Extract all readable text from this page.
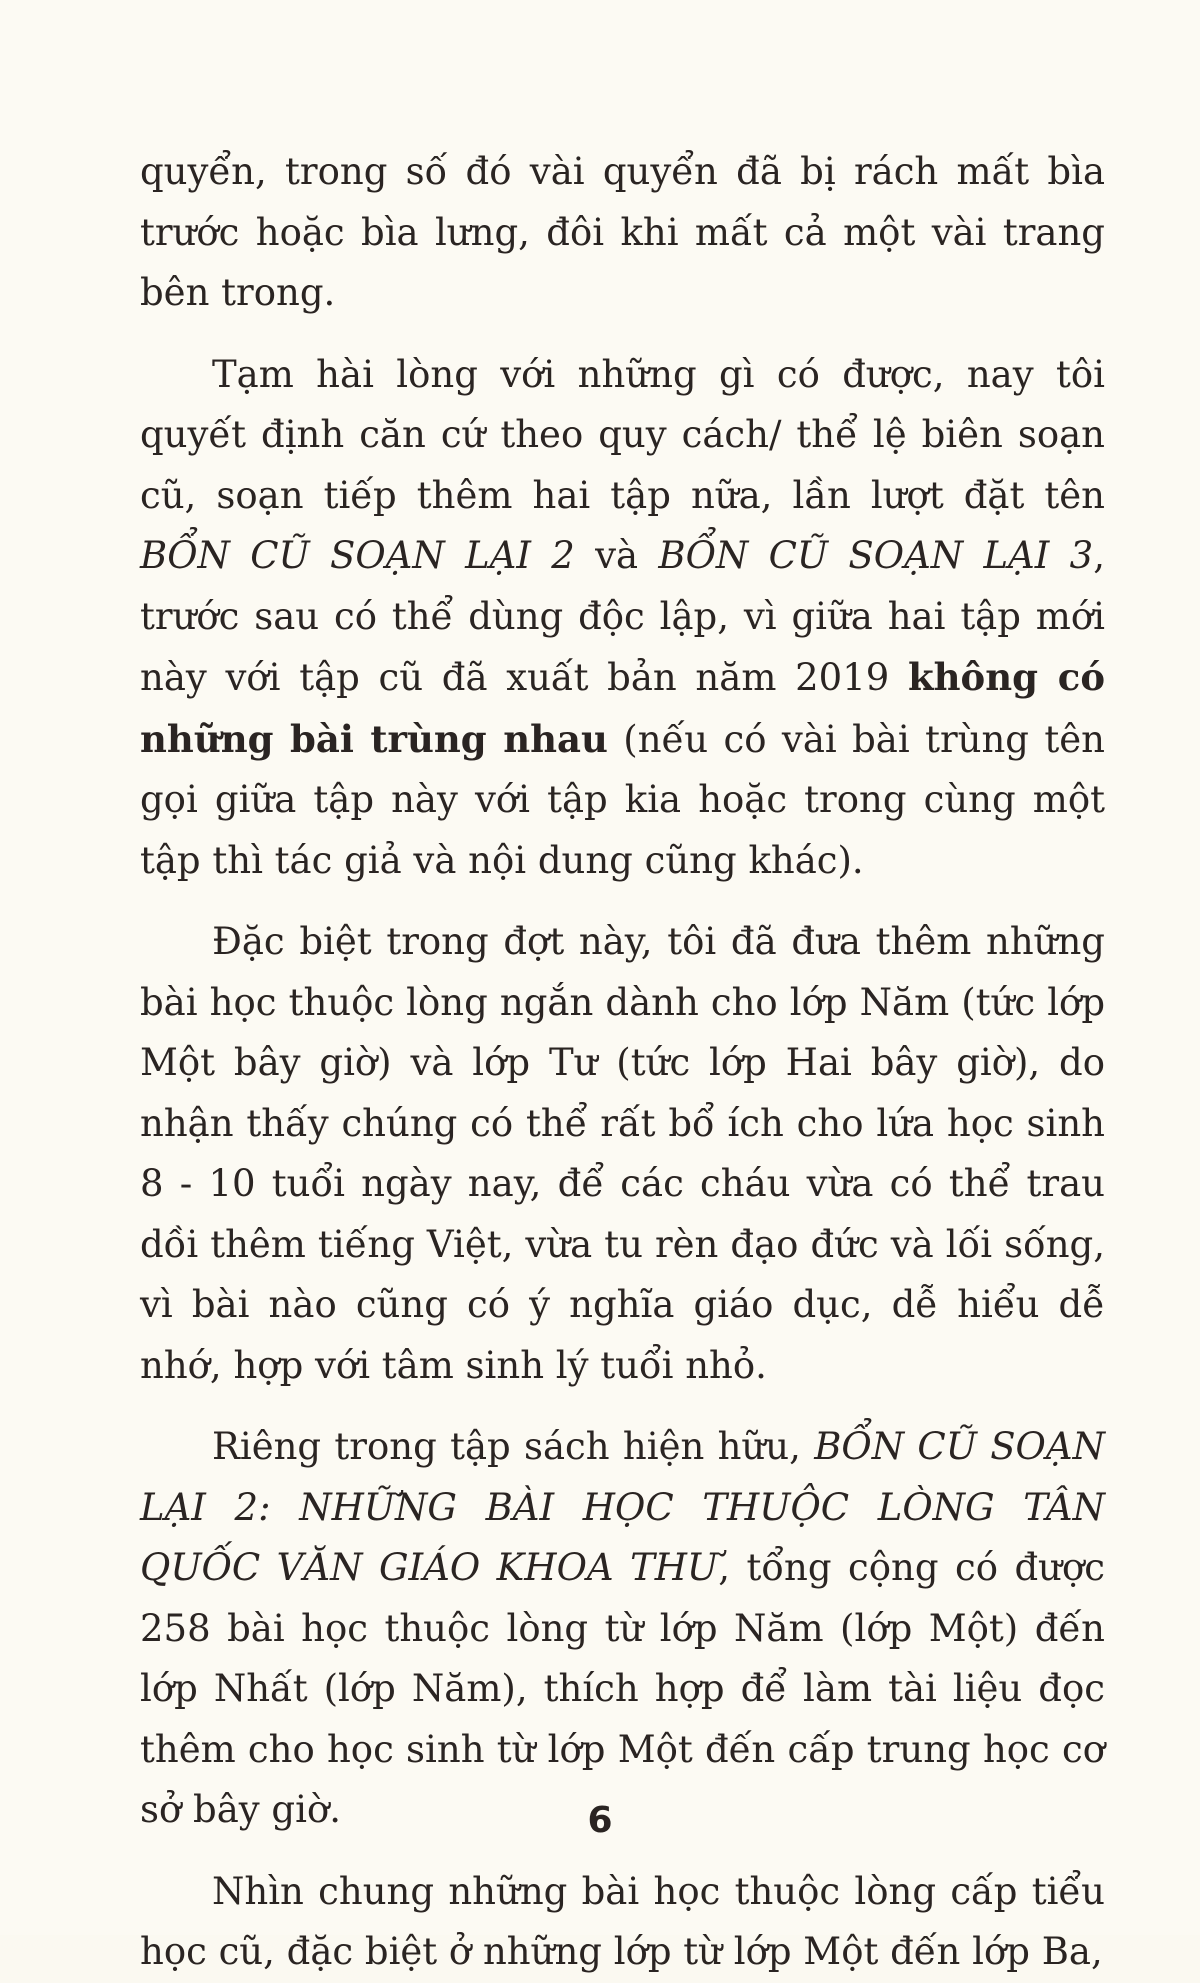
quyển, trong số đó vài quyển đã bị rách mất bìa trước hoặc bìa lưng, đôi khi mất cả một vài trang bên trong.

Tạm hài lòng với những gì có được, nay tôi quyết định căn cứ theo quy cách/ thể lệ biên soạn cũ, soạn tiếp thêm hai tập nữa, lần lượt đặt tên BỔN CŨ SOẠN LẠI 2 và BỔN CŨ SOẠN LẠI 3, trước sau có thể dùng độc lập, vì giữa hai tập mới này với tập cũ đã xuất bản năm 2019 không có những bài trùng nhau (nếu có vài bài trùng tên gọi giữa tập này với tập kia hoặc trong cùng một tập thì tác giả và nội dung cũng khác).

Đặc biệt trong đợt này, tôi đã đưa thêm những bài học thuộc lòng ngắn dành cho lớp Năm (tức lớp Một bây giờ) và lớp Tư (tức lớp Hai bây giờ), do nhận thấy chúng có thể rất bổ ích cho lứa học sinh 8 - 10 tuổi ngày nay, để các cháu vừa có thể trau dồi thêm tiếng Việt, vừa tu rèn đạo đức và lối sống, vì bài nào cũng có ý nghĩa giáo dục, dễ hiểu dễ nhớ, hợp với tâm sinh lý tuổi nhỏ.

Riêng trong tập sách hiện hữu, BỔN CŨ SOẠN LẠI 2: NHỮNG BÀI HỌC THUỘC LÒNG TÂN QUỐC VĂN GIÁO KHOA THƯ, tổng cộng có được 258 bài học thuộc lòng từ lớp Năm (lớp Một) đến lớp Nhất (lớp Năm), thích hợp để làm tài liệu đọc thêm cho học sinh từ lớp Một đến cấp trung học cơ sở bây giờ.

Nhìn chung những bài học thuộc lòng cấp tiểu học cũ, đặc biệt ở những lớp từ lớp Một đến lớp Ba,

6
